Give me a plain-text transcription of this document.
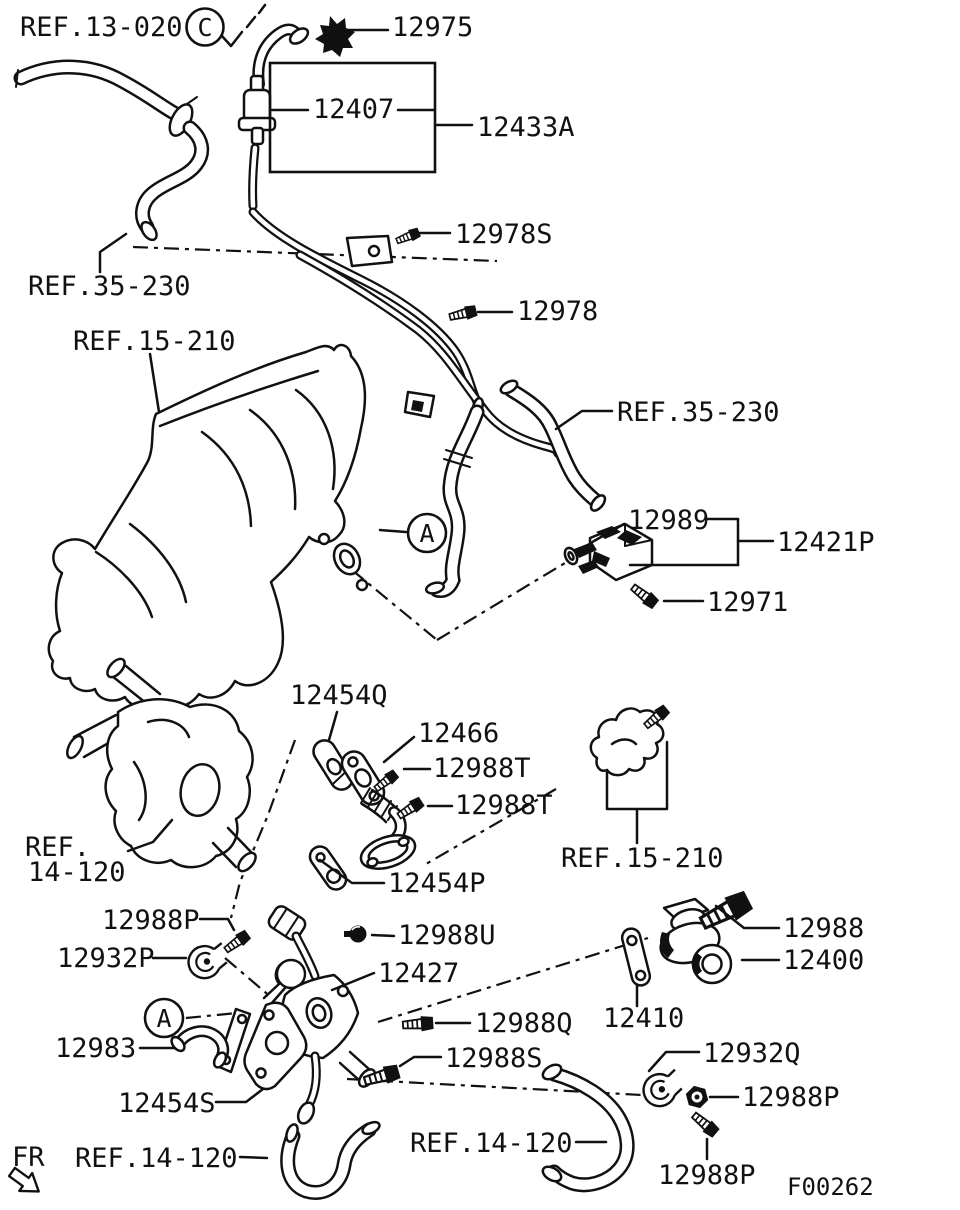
C
A
A
REF.13-020	12975
12407
12433A
12978S
12978
REF.35-230
REF.15-210
REF.35-230
12989
12421P
12971
12454Q
12466
12988T
12988T
REF.
14-120	REF.15-210
12454P
12988P
12932P
12988U
12427
12988
12400
12410
12983
12988Q
12988S
12454S
12932Q
12988P
REF.14-120	REF.14-120
12988P
FR
F00262
